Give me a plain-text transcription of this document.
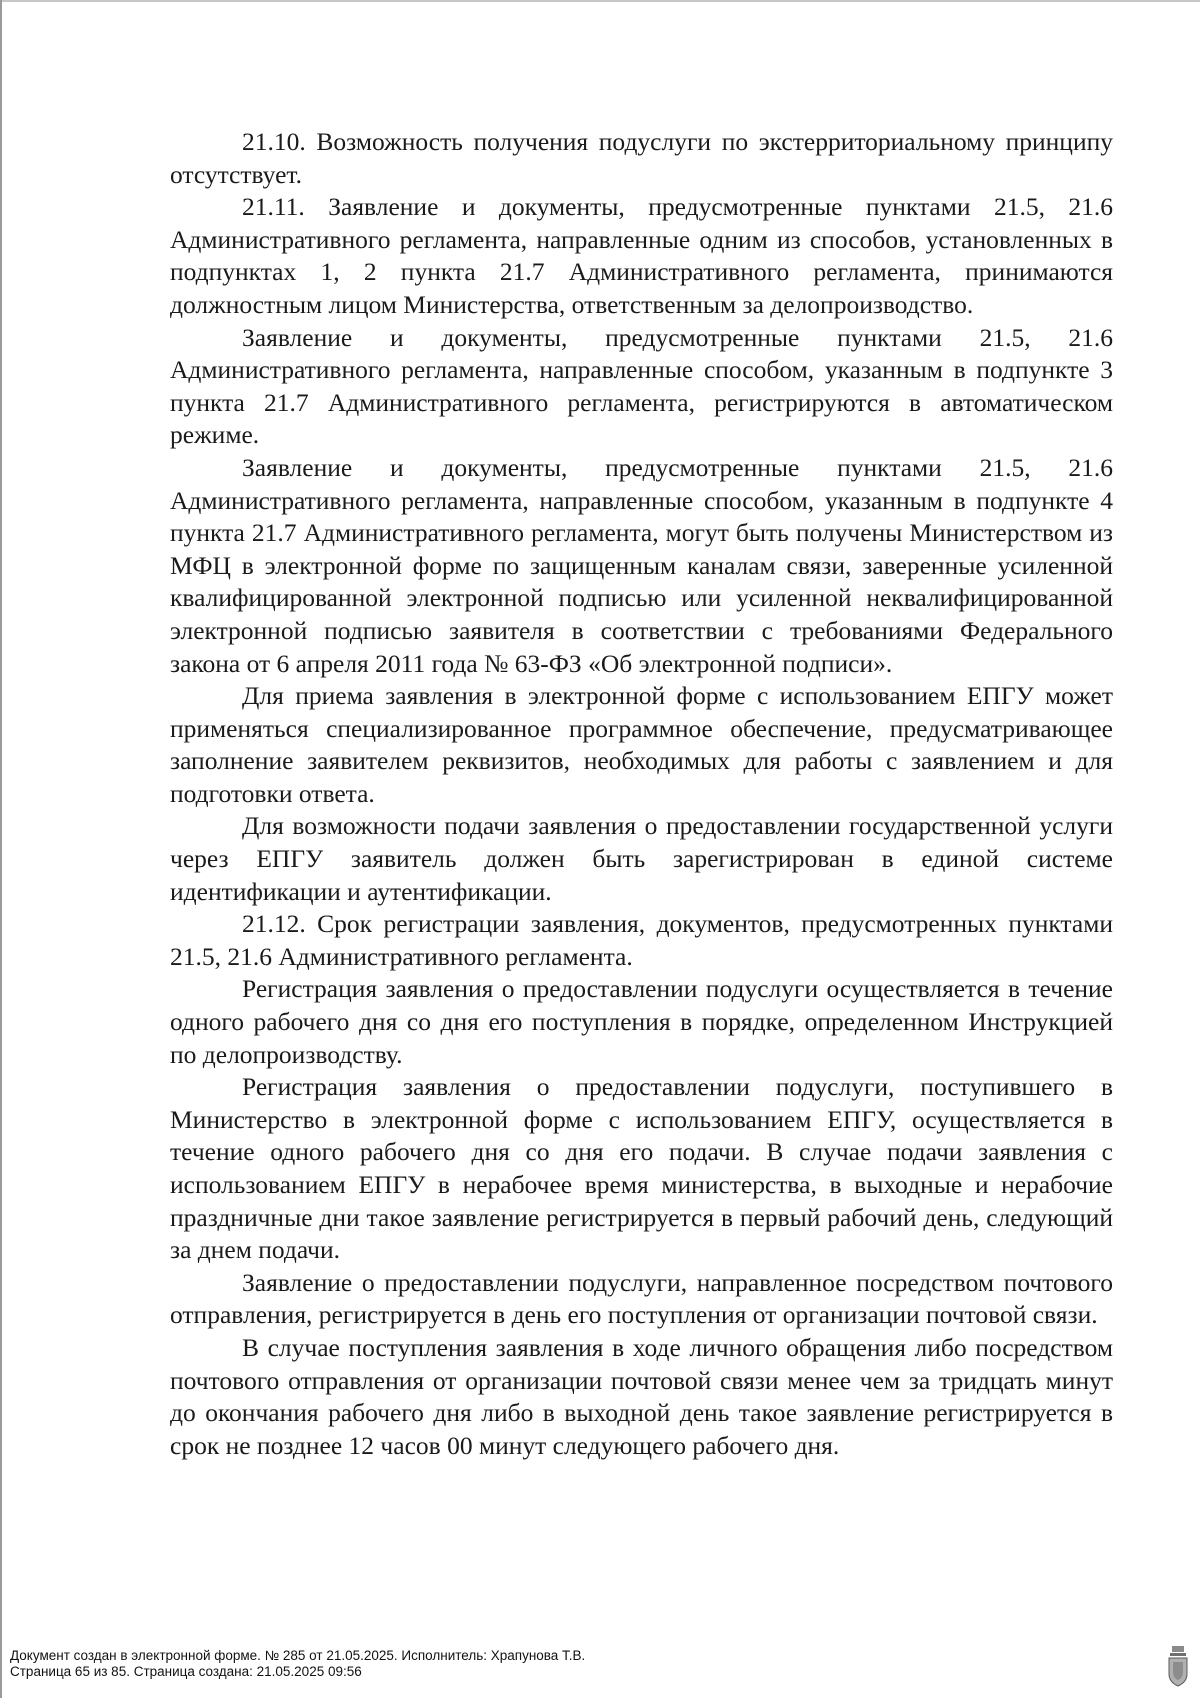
21.10. Возможность получения подуслуги по экстерриториальному принципу отсутствует.

21.11. Заявление и документы, предусмотренные пунктами 21.5, 21.6 Административного регламента, направленные одним из способов, установленных в подпунктах 1, 2 пункта 21.7 Административного регламента, принимаются должностным лицом Министерства, ответственным за делопроизводство.

Заявление и документы, предусмотренные пунктами 21.5, 21.6 Административного регламента, направленные способом, указанным в подпункте 3 пункта 21.7 Административного регламента, регистрируются в автоматическом режиме.

Заявление и документы, предусмотренные пунктами 21.5, 21.6 Административного регламента, направленные способом, указанным в подпункте 4 пункта 21.7 Административного регламента, могут быть получены Министерством из МФЦ в электронной форме по защищенным каналам связи, заверенные усиленной квалифицированной электронной подписью или усиленной неквалифицированной электронной подписью заявителя в соответствии с требованиями Федерального закона от 6 апреля 2011 года № 63-ФЗ «Об электронной подписи».

Для приема заявления в электронной форме с использованием ЕПГУ может применяться специализированное программное обеспечение, предусматривающее заполнение заявителем реквизитов, необходимых для работы с заявлением и для подготовки ответа.

Для возможности подачи заявления о предоставлении государственной услуги через ЕПГУ заявитель должен быть зарегистрирован в единой системе идентификации и аутентификации.

21.12. Срок регистрации заявления, документов, предусмотренных пунктами 21.5, 21.6 Административного регламента.

Регистрация заявления о предоставлении подуслуги осуществляется в течение одного рабочего дня со дня его поступления в порядке, определенном Инструкцией по делопроизводству.

Регистрация заявления о предоставлении подуслуги, поступившего в Министерство в электронной форме с использованием ЕПГУ, осуществляется в течение одного рабочего дня со дня его подачи. В случае подачи заявления с использованием ЕПГУ в нерабочее время министерства, в выходные и нерабочие праздничные дни такое заявление регистрируется в первый рабочий день, следующий за днем подачи.

Заявление о предоставлении подуслуги, направленное посредством почтового отправления, регистрируется в день его поступления от организации почтовой связи.

В случае поступления заявления в ходе личного обращения либо посредством почтового отправления от организации почтовой связи менее чем за тридцать минут до окончания рабочего дня либо в выходной день такое заявление регистрируется в срок не позднее 12 часов 00 минут следующего рабочего дня.

Документ создан в электронной форме. № 285 от 21.05.2025. Исполнитель: Храпунова Т.В.
Страница 65 из 85. Страница создана: 21.05.2025 09:56
